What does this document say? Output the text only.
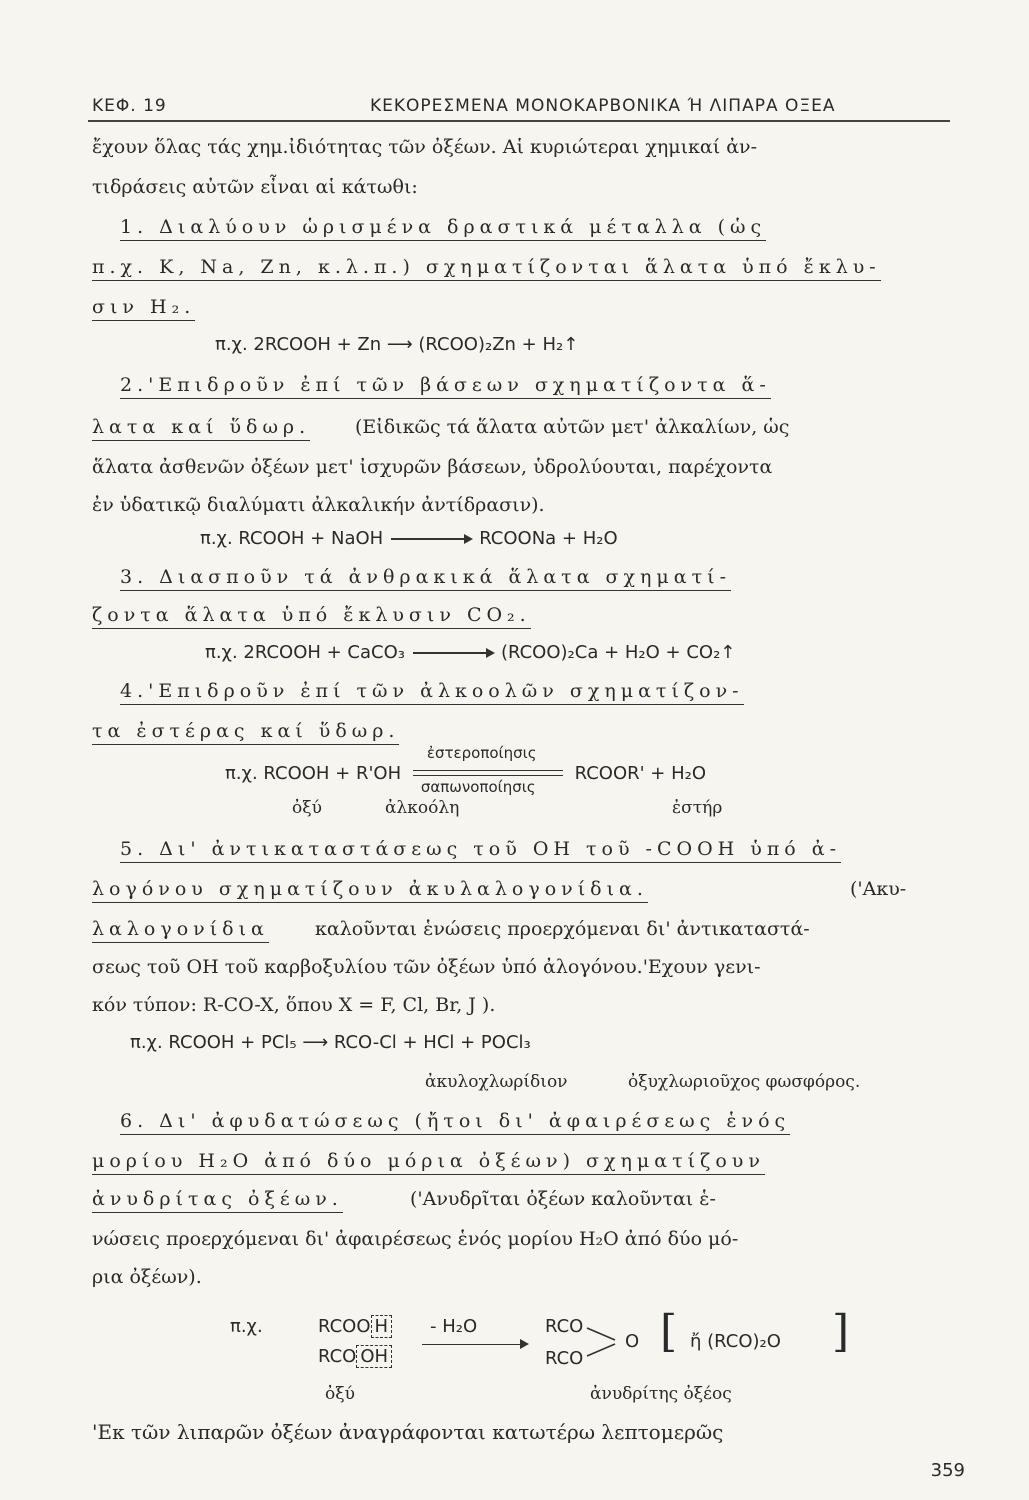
ΚΕΦ. 19	ΚΕΚΟΡΕΣΜΕΝΑ ΜΟΝΟΚΑΡΒΟΝΙΚΑ Ή ΛΙΠΑΡΑ ΟΞΕΑ
ἔχουν ὅλας τάς χημ.ἰδιότητας τῶν ὀξέων. Αἱ κυριώτεραι χημικαί ἀν-
τιδράσεις αὐτῶν εἶναι αἱ κάτωθι:
1. Διαλύουν ὡρισμένα δραστικά μέταλλα (ὡς
π.χ. K, Na, Zn, κ.λ.π.) σχηματίζονται ἅλατα ὑπό ἔκλυ-
σιν H₂.
π.χ. 2RCOOH + Zn ⟶ (RCOO)₂Zn + H₂↑
2.'Επιδροῦν ἐπί τῶν βάσεων σχηματίζοντα ἅ-
λατα καί ὕδωρ. (Εἰδικῶς τά ἅλατα αὐτῶν μετ' ἀλκαλίων, ὡς
ἅλατα ἀσθενῶν ὀξέων μετ' ἰσχυρῶν βάσεων, ὑδρολύουται, παρέχοντα
ἐν ὑδατικῷ διαλύματι ἀλκαλικήν ἀντίδρασιν).
π.χ. RCOOH + NaOH	RCOONa + H₂O
3. Διασποῦν τά ἀνθρακικά ἅλατα σχηματί-
ζοντα ἅλατα ὑπό ἔκλυσιν CO₂.
π.χ. 2RCOOH + CaCO₃	(RCOO)₂Ca + H₂O + CO₂↑
4.'Επιδροῦν ἐπί τῶν ἀλκοολῶν σχηματίζον-
τα ἐστέρας καί ὕδωρ.
π.χ. RCOOH + R'OH
ἐστεροποίησις
σαπωνοποίησις
RCOOR' + H₂O
ὀξύ	ἀλκοόλη	ἐστήρ
5. Δι' ἀντικαταστάσεως τοῦ OH τοῦ -COOH ὑπό ἀ-
λογόνου σχηματίζουν ἀκυλαλογονίδια.	('Ακυ-
λαλογονίδια καλοῦνται ἑνώσεις προερχόμεναι δι' ἀντικαταστά-
σεως τοῦ OH τοῦ καρβοξυλίου τῶν ὀξέων ὑπό ἀλογόνου.'Εχουν γενι-
κόν τύπον: R-CO-X, ὅπου X = F, Cl, Br, J ).
π.χ. RCOOH + PCl₅ ⟶ RCO-Cl + HCl + POCl₃
ἀκυλοχλωρίδιον	ὀξυχλωριοῦχος φωσφόρος.
6. Δι' ἀφυδατώσεως (ἤτοι δι' ἀφαιρέσεως ἑνός
μορίου H₂O ἀπό δύο μόρια ὀξέων) σχηματίζουν
ἀνυδρίτας ὀξέων.	('Ανυδρῖται ὀξέων καλοῦνται ἑ-
νώσεις προερχόμεναι δι' ἀφαιρέσεως ἑνός μορίου H₂O ἀπό δύο μό-
ρια ὀξέων).
π.χ.	RCOO H
RCO OH
- H₂O	RCO
RCO
O [ ἤ (RCO)₂O ]
ὀξύ	ἀνυδρίτης ὀξέος
'Εκ τῶν λιπαρῶν ὀξέων ἀναγράφονται κατωτέρω λεπτομερῶς
359
